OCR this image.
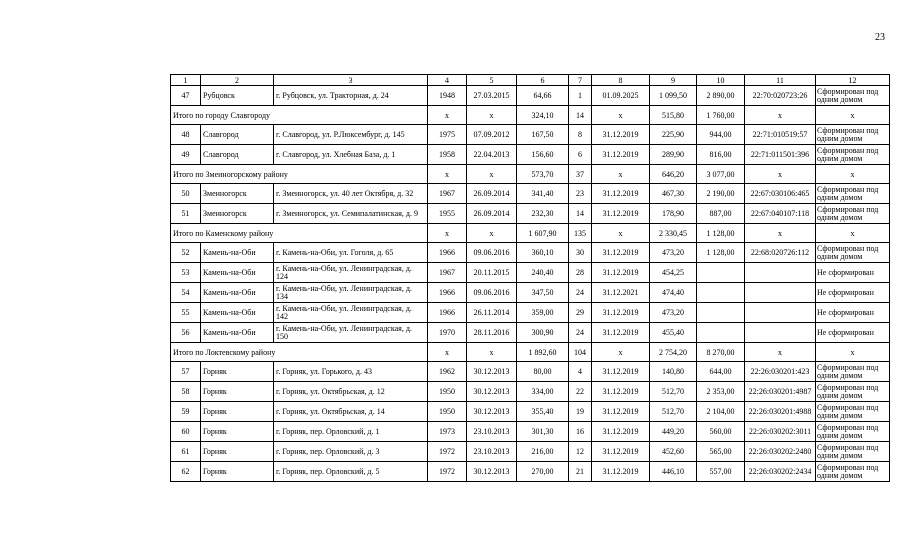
23
1	2	3	4	5	6	7	8	9	10	11	12
47	Рубцовск	г. Рубцовск, ул. Тракторная, д. 24	1948	27.03.2015	64,66	1	01.09.2025	1 099,50	2 890,00	22:70:020723:26	Сформирован под одним домом
Итого по городу Славгороду			x	x	324,10	14	x	515,80	1 760,00	x	x
48	Славгород	г. Славгород, ул. Р.Люксембург, д. 145	1975	07.09.2012	167,50	8	31.12.2019	225,90	944,00	22:71:010519:57	Сформирован под одним домом
49	Славгород	г. Славгород, ул. Хлебная База, д. 1	1958	22.04.2013	156,60	6	31.12.2019	289,90	816,00	22:71:011501:396	Сформирован под одним домом
Итого по Змеиногорскому району			x	x	573,70	37	x	646,20	3 077,00	x	x
50	Змеиногорск	г. Змеиногорск, ул. 40 лет Октября, д. 32	1967	26.09.2014	341,40	23	31.12.2019	467,30	2 190,00	22:67:030106:465	Сформирован под одним домом
51	Змеиногорск	г. Змеиногорск, ул. Семипалатинская, д. 9	1955	26.09.2014	232,30	14	31.12.2019	178,90	887,00	22:67:040107:118	Сформирован под одним домом
Итого по Каменскому району			x	x	1 607,90	135	x	2 330,45	1 128,00	x	x
52	Камень-на-Оби	г. Камень-на-Оби, ул. Гоголя, д. 65	1966	09.06.2016	360,10	30	31.12.2019	473,20	1 128,00	22:68:020726:112	Сформирован под одним домом
53	Камень-на-Оби	г. Камень-на-Оби, ул. Ленинградская, д. 124	1967	20.11.2015	240,40	28	31.12.2019	454,25			Не сформирован
54	Камень-на-Оби	г. Камень-на-Оби, ул. Ленинградская, д. 134	1966	09.06.2016	347,50	24	31.12.2021	474,40			Не сформирован
55	Камень-на-Оби	г. Камень-на-Оби, ул. Ленинградская, д. 142	1966	26.11.2014	359,00	29	31.12.2019	473,20			Не сформирован
56	Камень-на-Оби	г. Камень-на-Оби, ул. Ленинградская, д. 150	1970	28.11.2016	300,90	24	31.12.2019	455,40			Не сформирован
Итого по Локтевскому району			x	x	1 892,60	104	x	2 754,20	8 270,00	x	x
57	Горняк	г. Горняк, ул. Горького, д. 43	1962	30.12.2013	80,00	4	31.12.2019	140,80	644,00	22:26:030201:423	Сформирован под одним домом
58	Горняк	г. Горняк, ул. Октябрьская, д. 12	1950	30.12.2013	334,00	22	31.12.2019	512,70	2 353,00	22:26:030201:4987	Сформирован под одним домом
59	Горняк	г. Горняк, ул. Октябрьская, д. 14	1950	30.12.2013	355,40	19	31.12.2019	512,70	2 104,00	22:26:030201:4988	Сформирован под одним домом
60	Горняк	г. Горняк, пер. Орловский, д. 1	1973	23.10.2013	301,30	16	31.12.2019	449,20	560,00	22:26:030202:3011	Сформирован под одним домом
61	Горняк	г. Горняк, пер. Орловский, д. 3	1972	23.10.2013	216,00	12	31.12.2019	452,60	565,00	22:26:030202:2480	Сформирован под одним домом
62	Горняк	г. Горняк, пер. Орловский, д. 5	1972	30.12.2013	270,00	21	31.12.2019	446,10	557,00	22:26:030202:2434	Сформирован под одним домом
